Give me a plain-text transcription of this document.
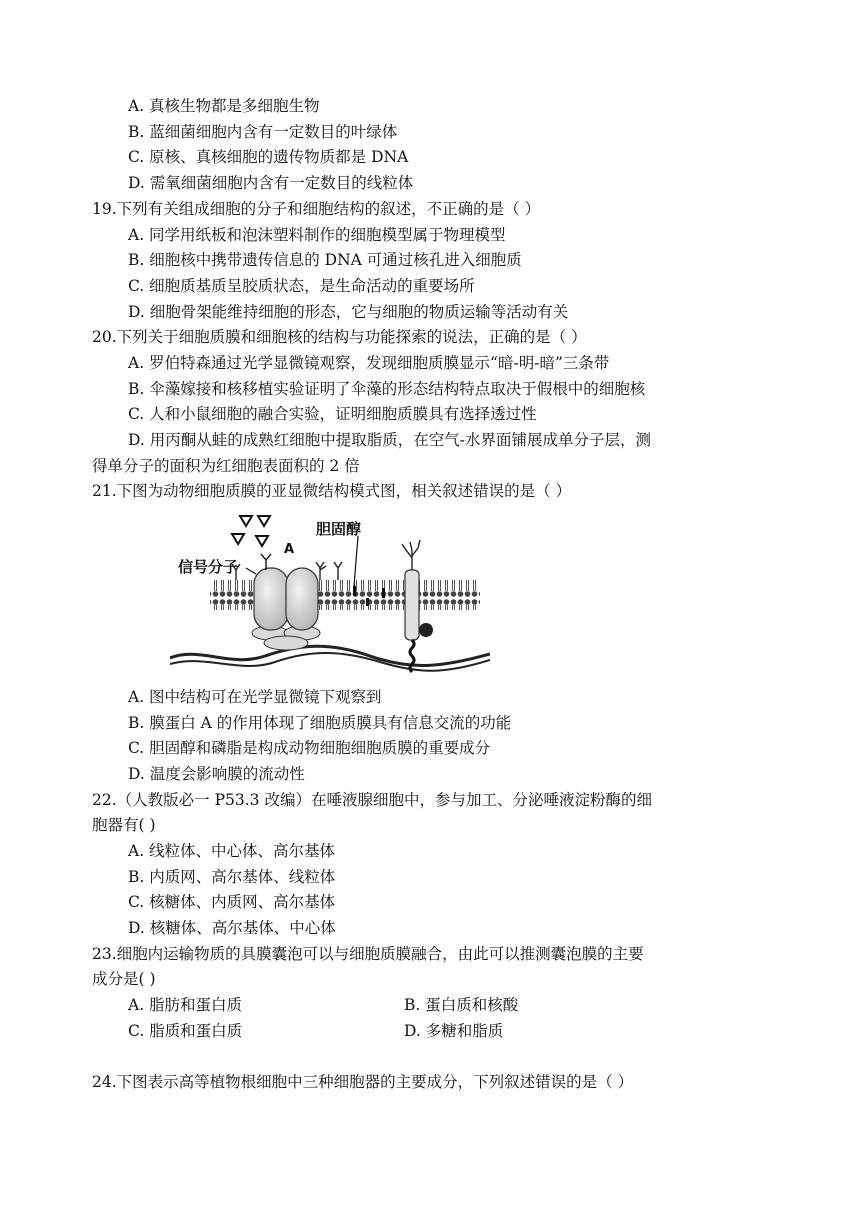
A. 真核生物都是多细胞生物
B. 蓝细菌细胞内含有一定数目的叶绿体
C. 原核、真核细胞的遗传物质都是 DNA
D. 需氧细菌细胞内含有一定数目的线粒体
19.下列有关组成细胞的分子和细胞结构的叙述，不正确的是（ ）
A. 同学用纸板和泡沫塑料制作的细胞模型属于物理模型
B. 细胞核中携带遗传信息的 DNA 可通过核孔进入细胞质
C. 细胞质基质呈胶质状态，是生命活动的重要场所
D. 细胞骨架能维持细胞的形态，它与细胞的物质运输等活动有关
20.下列关于细胞质膜和细胞核的结构与功能探索的说法，正确的是（ ）
A. 罗伯特森通过光学显微镜观察，发现细胞质膜显示“暗-明-暗”三条带
B. 伞藻嫁接和核移植实验证明了伞藻的形态结构特点取决于假根中的细胞核
C. 人和小鼠细胞的融合实验，证明细胞质膜具有选择透过性
D. 用丙酮从蛙的成熟红细胞中提取脂质，在空气-水界面铺展成单分子层，测
得单分子的面积为红细胞表面积的 2 倍
21.下图为动物细胞质膜的亚显微结构模式图，相关叙述错误的是（ ）
胆固醇
A
信号分子
A. 图中结构可在光学显微镜下观察到
B. 膜蛋白 A 的作用体现了细胞质膜具有信息交流的功能
C. 胆固醇和磷脂是构成动物细胞细胞质膜的重要成分
D. 温度会影响膜的流动性
22.（人教版必一 P53.3 改编）在唾液腺细胞中，参与加工、分泌唾液淀粉酶的细
胞器有( )
A. 线粒体、中心体、高尔基体
B. 内质网、高尔基体、线粒体
C. 核糖体、内质网、高尔基体
D. 核糖体、高尔基体、中心体
23.细胞内运输物质的具膜囊泡可以与细胞质膜融合，由此可以推测囊泡膜的主要
成分是( )
A. 脂肪和蛋白质	B. 蛋白质和核酸
C. 脂质和蛋白质	D. 多糖和脂质
24.下图表示高等植物根细胞中三种细胞器的主要成分，下列叙述错误的是（ ）
